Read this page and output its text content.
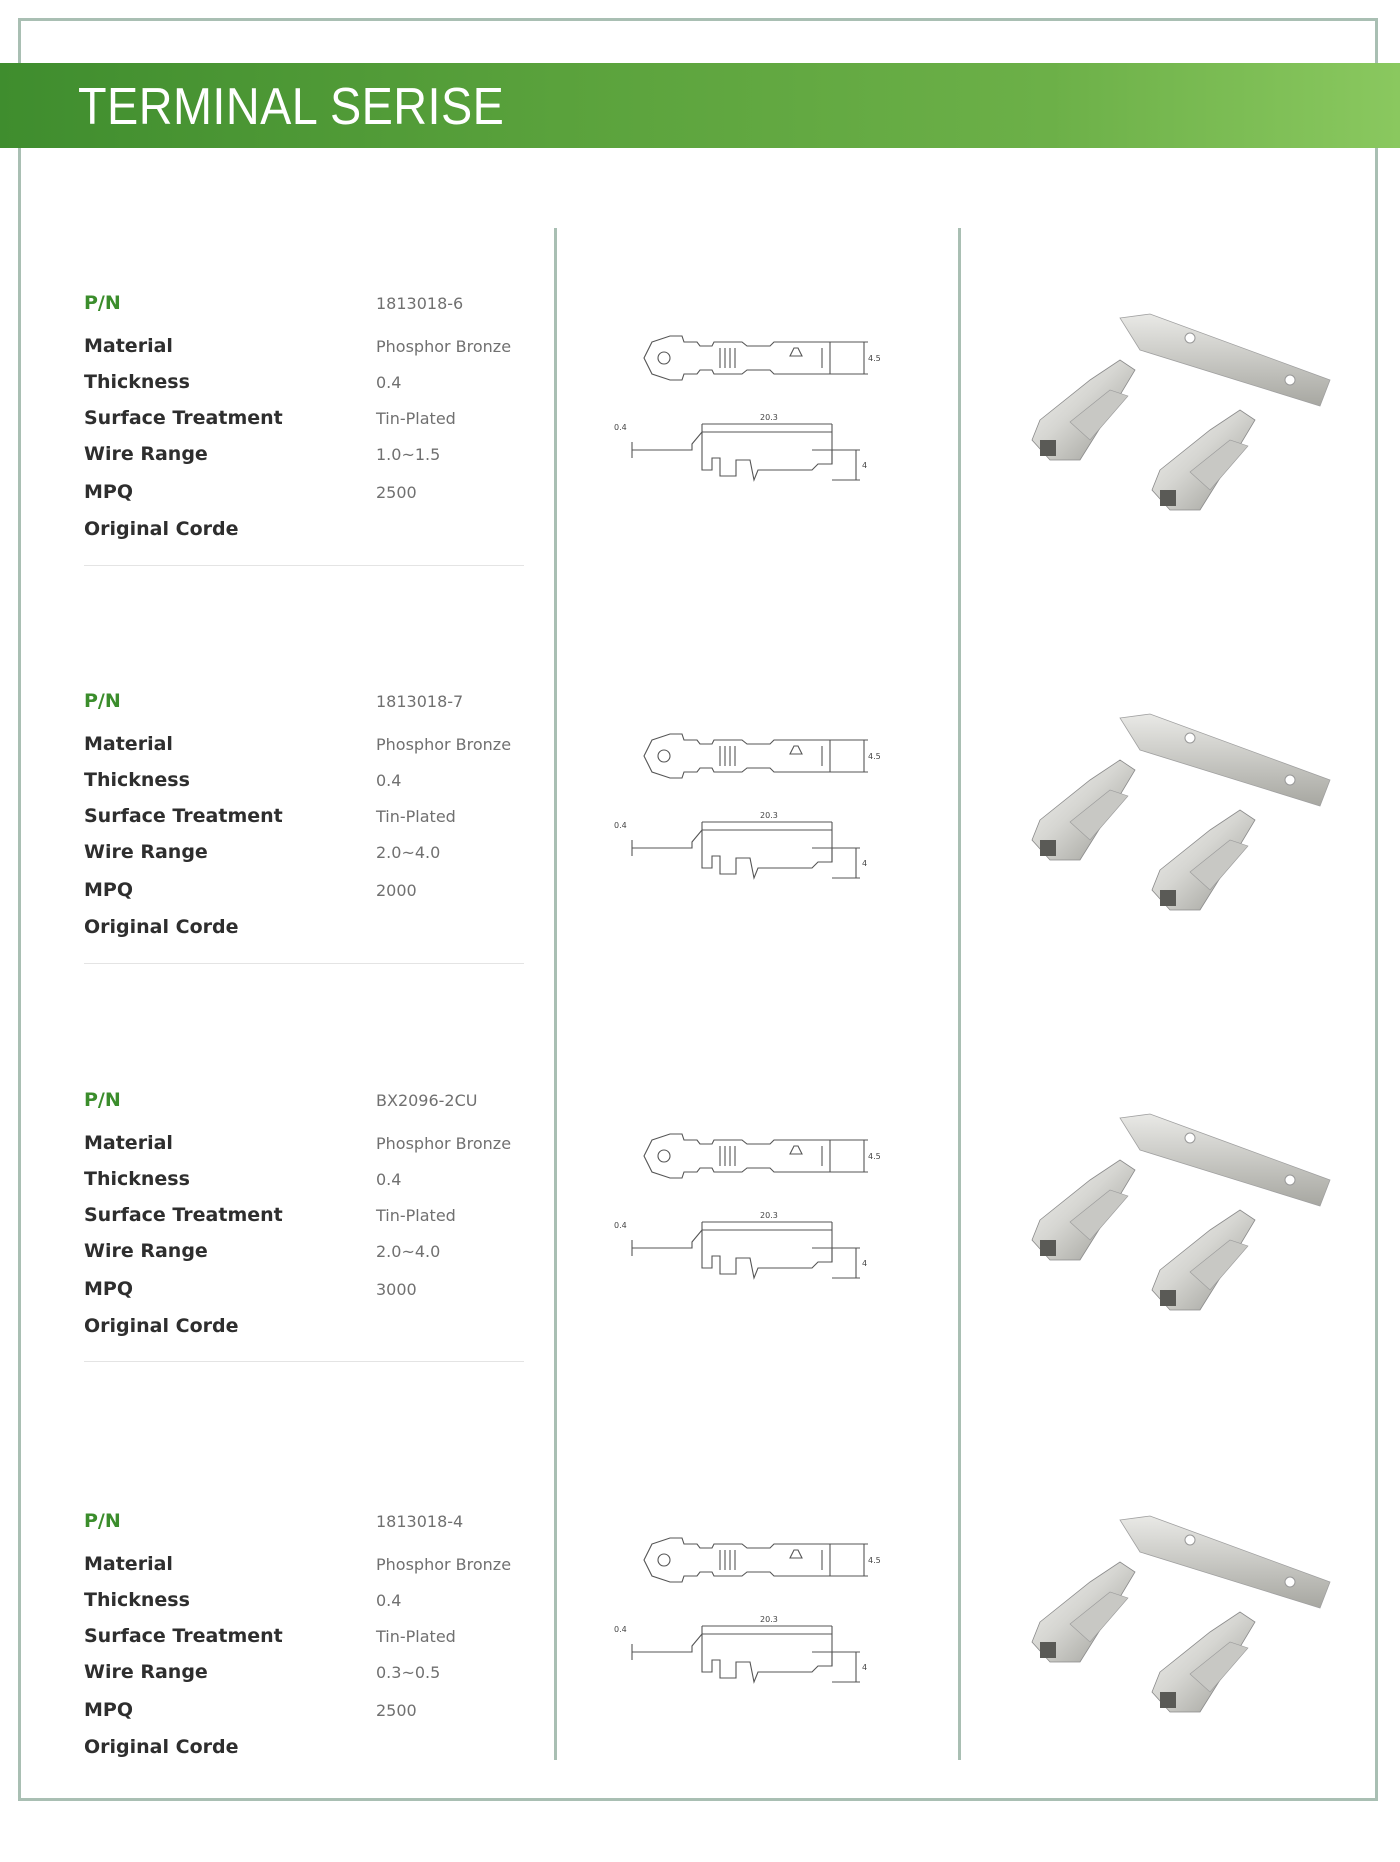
TERMINAL SERISE
P/N	1813018-6
Material	Phosphor Bronze
Thickness	0.4
Surface Treatment	Tin-Plated
Wire Range	1.0~1.5
MPQ	2500
Original Corde
P/N	1813018-7
Material	Phosphor Bronze
Thickness	0.4
Surface Treatment	Tin-Plated
Wire Range	2.0~4.0
MPQ	2000
Original Corde
P/N	BX2096-2CU
Material	Phosphor Bronze
Thickness	0.4
Surface Treatment	Tin-Plated
Wire Range	2.0~4.0
MPQ	3000
Original Corde
P/N	1813018-4
Material	Phosphor Bronze
Thickness	0.4
Surface Treatment	Tin-Plated
Wire Range	0.3~0.5
MPQ	2500
Original Corde
4.5
20.3
0.4
4
4.5
20.3
0.4
4
4.5
20.3
0.4
4
4.5
20.3
0.4
4
